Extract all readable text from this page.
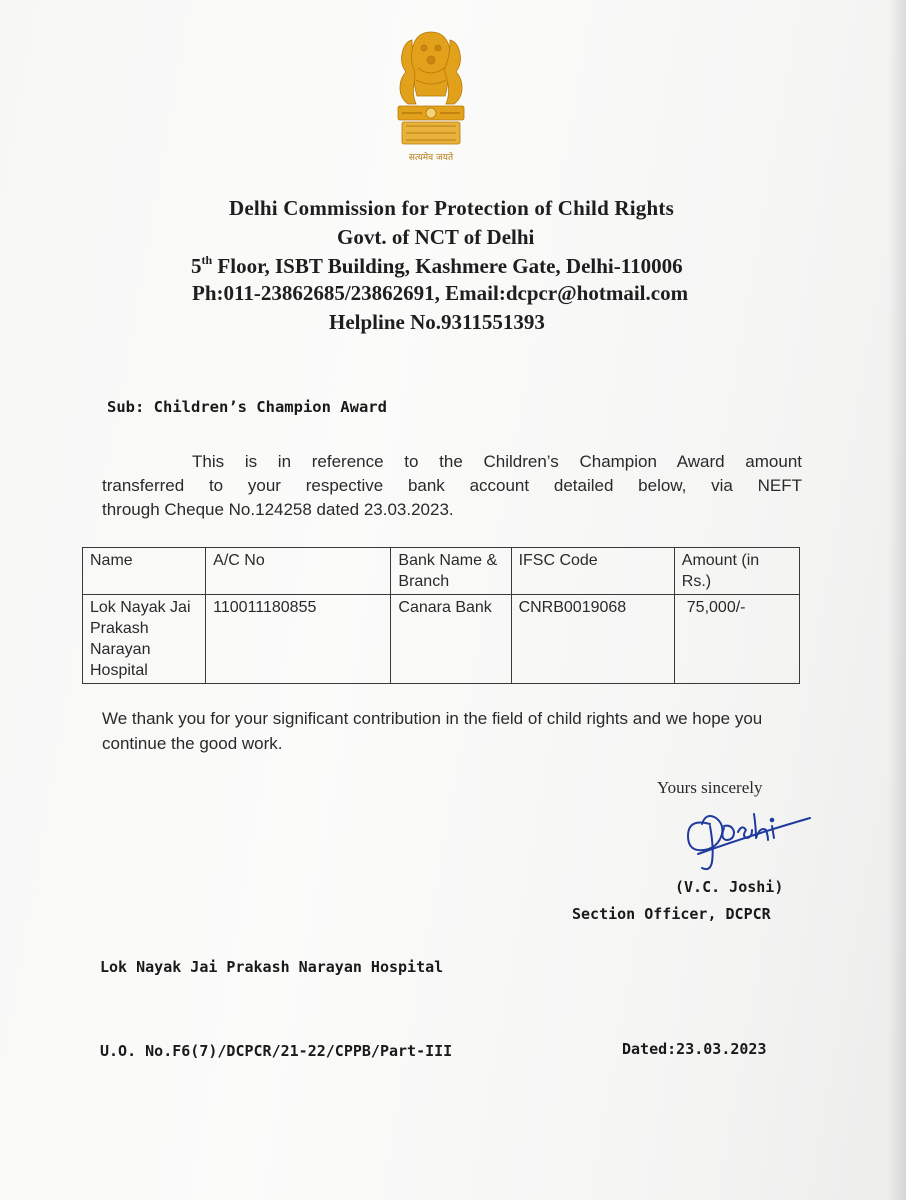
सत्यमेव जयते
Delhi Commission for Protection of Child Rights
Govt. of NCT of Delhi
5th Floor, ISBT Building, Kashmere Gate, Delhi-110006
Ph:011-23862685/23862691, Email:dcpcr@hotmail.com
Helpline No.9311551393
Sub: Children’s Champion Award
This is in reference to the Children’s Champion Award amount
transferred to your respective bank account detailed below, via NEFT
through Cheque No.124258 dated 23.03.2023.
Name	A/C No	Bank Name & Branch	IFSC Code	Amount (in Rs.)
Lok Nayak Jai Prakash Narayan Hospital	110011180855	Canara Bank	CNRB0019068	75,000/-
We thank you for your significant contribution in the field of child rights and we hope you continue the good work.
Yours sincerely
(V.C. Joshi)
Section Officer, DCPCR
Lok Nayak Jai Prakash Narayan Hospital
U.O. No.F6(7)/DCPCR/21-22/CPPB/Part-III	Dated:23.03.2023
